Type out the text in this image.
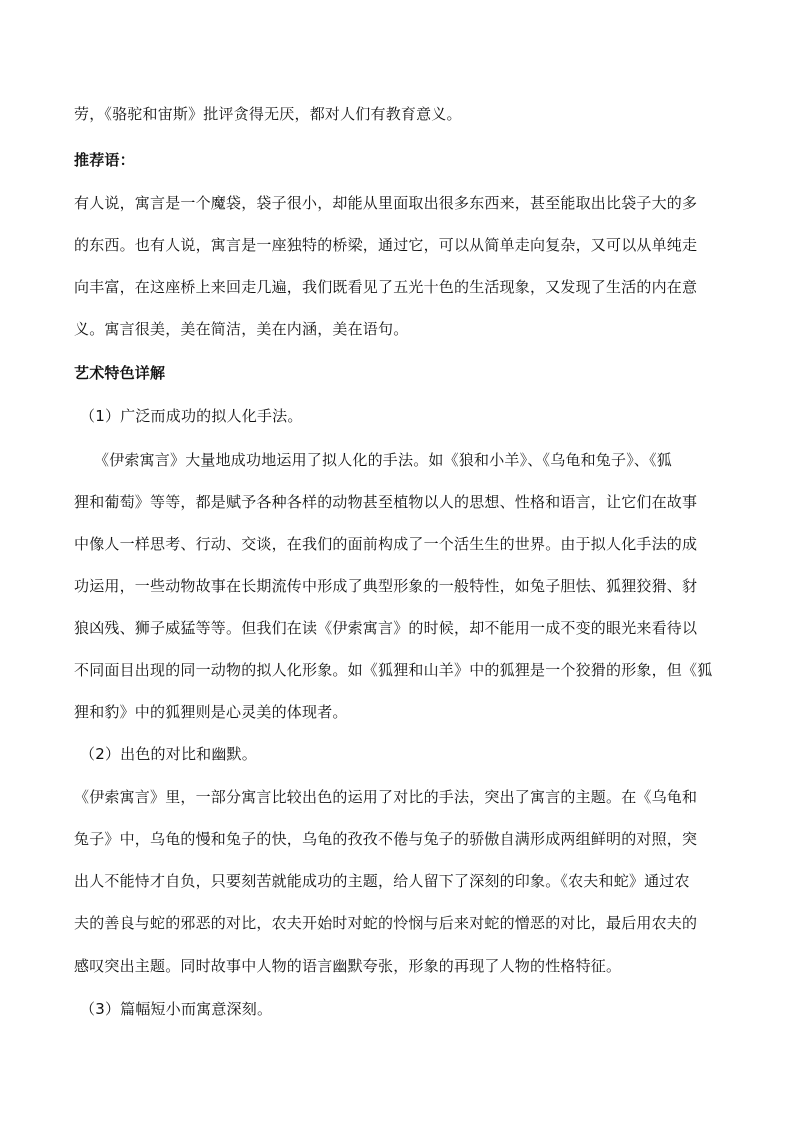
劳，《骆驼和宙斯》批评贪得无厌，都对人们有教育意义。
推荐语：
有人说，寓言是一个魔袋，袋子很小，却能从里面取出很多东西来，甚至能取出比袋子大的多
的东西。也有人说，寓言是一座独特的桥梁，通过它，可以从简单走向复杂，又可以从单纯走
向丰富，在这座桥上来回走几遍，我们既看见了五光十色的生活现象，又发现了生活的内在意
义。寓言很美，美在简洁，美在内涵，美在语句。
艺术特色详解
（1）广泛而成功的拟人化手法。
《伊索寓言》大量地成功地运用了拟人化的手法。如《狼和小羊》、《乌龟和兔子》、《狐
狸和葡萄》等等，都是赋予各种各样的动物甚至植物以人的思想、性格和语言，让它们在故事
中像人一样思考、行动、交谈，在我们的面前构成了一个活生生的世界。由于拟人化手法的成
功运用，一些动物故事在长期流传中形成了典型形象的一般特性，如兔子胆怯、狐狸狡猾、豺
狼凶残、狮子威猛等等。但我们在读《伊索寓言》的时候，却不能用一成不变的眼光来看待以
不同面目出现的同一动物的拟人化形象。如《狐狸和山羊》中的狐狸是一个狡猾的形象，但《狐
狸和豹》中的狐狸则是心灵美的体现者。
（2）出色的对比和幽默。
《伊索寓言》里，一部分寓言比较出色的运用了对比的手法，突出了寓言的主题。在《乌龟和
兔子》中，乌龟的慢和兔子的快，乌龟的孜孜不倦与兔子的骄傲自满形成两组鲜明的对照，突
出人不能恃才自负，只要刻苦就能成功的主题，给人留下了深刻的印象。《农夫和蛇》通过农
夫的善良与蛇的邪恶的对比，农夫开始时对蛇的怜悯与后来对蛇的憎恶的对比，最后用农夫的
感叹突出主题。同时故事中人物的语言幽默夸张，形象的再现了人物的性格特征。
（3）篇幅短小而寓意深刻。
